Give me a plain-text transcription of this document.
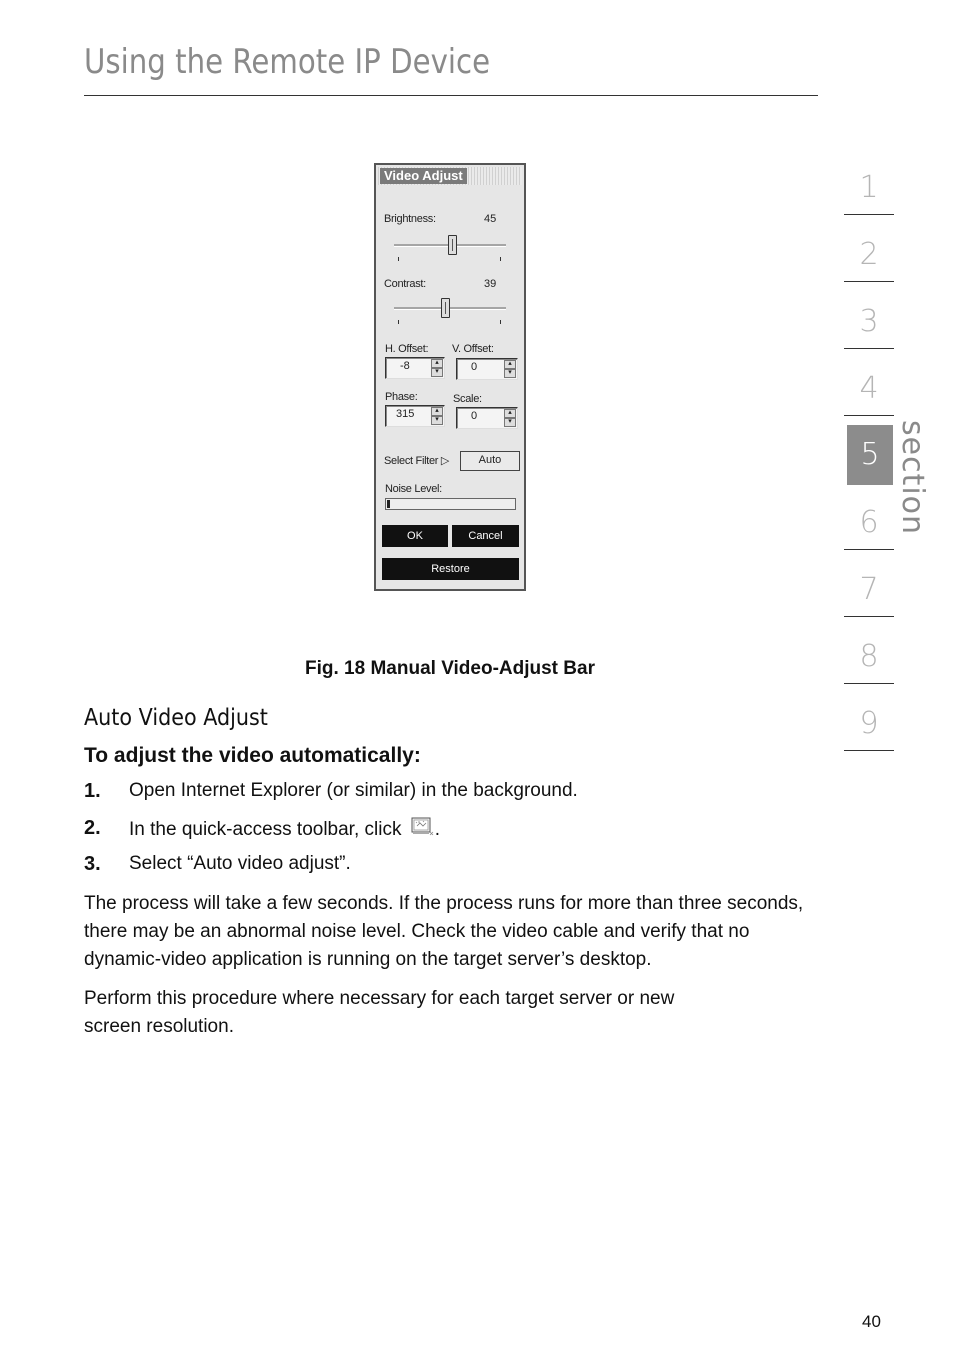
Using the Remote IP Device
1
2
3
4
5
6
7
8
9
section
Video Adjust
Brightness:	45
Contrast:	39
H. Offset: V. Offset:
-8	▴
▾	0	▴
▾
Phase:	Scale:
315	▴
▾	0	▴
▾
Select Filter ▷	Auto
Noise Level:
OK	Cancel
Restore
Fig. 18 Manual Video-Adjust Bar
Auto Video Adjust
To adjust the video automatically:
1. Open Internet Explorer (or similar) in the background.
2. In the quick-access toolbar, click .
3. Select “Auto video adjust”.
The process will take a few seconds. If the process runs for more than three seconds, there may be an abnormal noise level. Check the video cable and verify that no dynamic-video application is running on the target server’s desktop.
Perform this procedure where necessary for each target server or new screen resolution.
40
